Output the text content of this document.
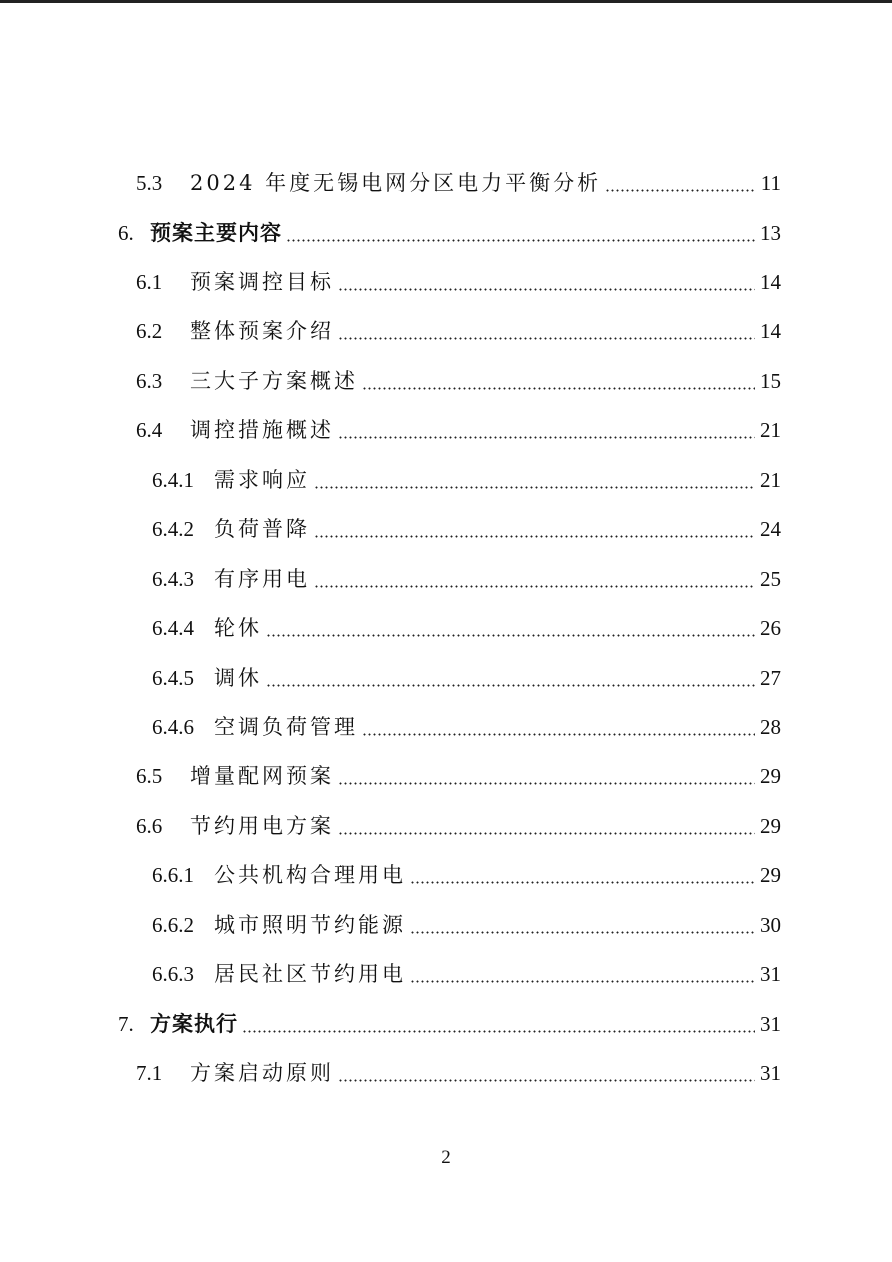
5.3	2024 年度无锡电网分区电力平衡分析	11
6. 预案主要内容	13
6.1	预案调控目标	14
6.2	整体预案介绍	14
6.3	三大子方案概述	15
6.4	调控措施概述	21
6.4.1 需求响应	21
6.4.2 负荷普降	24
6.4.3 有序用电	25
6.4.4 轮休	26
6.4.5 调休	27
6.4.6 空调负荷管理	28
6.5	增量配网预案	29
6.6	节约用电方案	29
6.6.1 公共机构合理用电	29
6.6.2 城市照明节约能源	30
6.6.3 居民社区节约用电	31
7. 方案执行	31
7.1	方案启动原则	31
2
